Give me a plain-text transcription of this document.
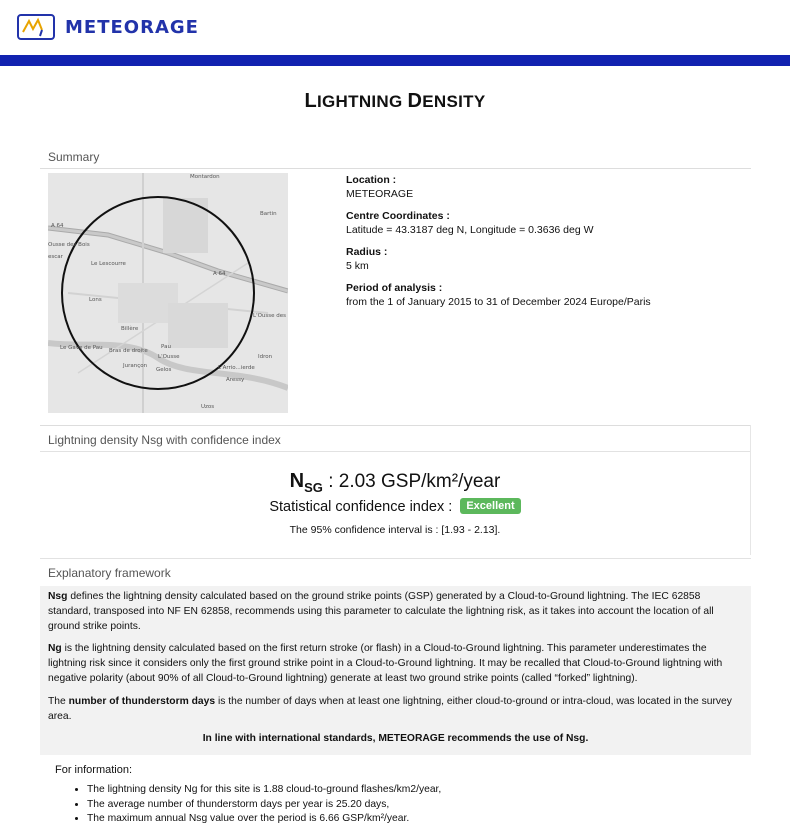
METEORAGE
LIGHTNING DENSITY
Summary
Montardon
Bartin
A 64
Ousse des Bois
escar
Le Lescourre
A 64
Lons
L'Ousse des
Billère
Le Gave de Pau Bras de droite
Pau
L'Ousse	Idron
Jurançon
Gelos	L'Arrio...ierde
Aressy
Uzos
Location :
METEORAGE
Centre Coordinates :
Latitude = 43.3187 deg N, Longitude = 0.3636 deg W
Radius :
5 km
Period of analysis :
from the 1 of January 2015 to 31 of December 2024 Europe/Paris
Lightning density Nsg with confidence index
$N_{SG}$ : 2.03 GSP/km²/year
Statistical confidence index : Excellent
The 95% confidence interval is : [1.93 - 2.13].
Explanatory framework

Nsg defines the lightning density calculated based on the ground strike points (GSP) generated by a Cloud-to-Ground lightning. The IEC 62858 standard, transposed into NF EN 62858, recommends using this parameter to calculate the lightning risk, as it takes into account the location of all ground strike points.

Ng is the lightning density calculated based on the first return stroke (or flash) in a Cloud-to-Ground lightning. This parameter underestimates the lightning risk since it considers only the first ground strike point in a Cloud-to-Ground lightning. It may be recalled that Cloud-to-Ground lightning with negative polarity (about 90% of all Cloud-to-Ground lightning) generate at least two ground strike points (called “forked” lightning).

The number of thunderstorm days is the number of days when at least one lightning, either cloud-to-ground or intra-cloud, was located in the survey area.

In line with international standards, METEORAGE recommends the use of Nsg.

For information:
• The lightning density Ng for this site is 1.88 cloud-to-ground flashes/km2/year,
• The average number of thunderstorm days per year is 25.20 days,
• The maximum annual Nsg value over the period is 6.66 GSP/km²/year.
